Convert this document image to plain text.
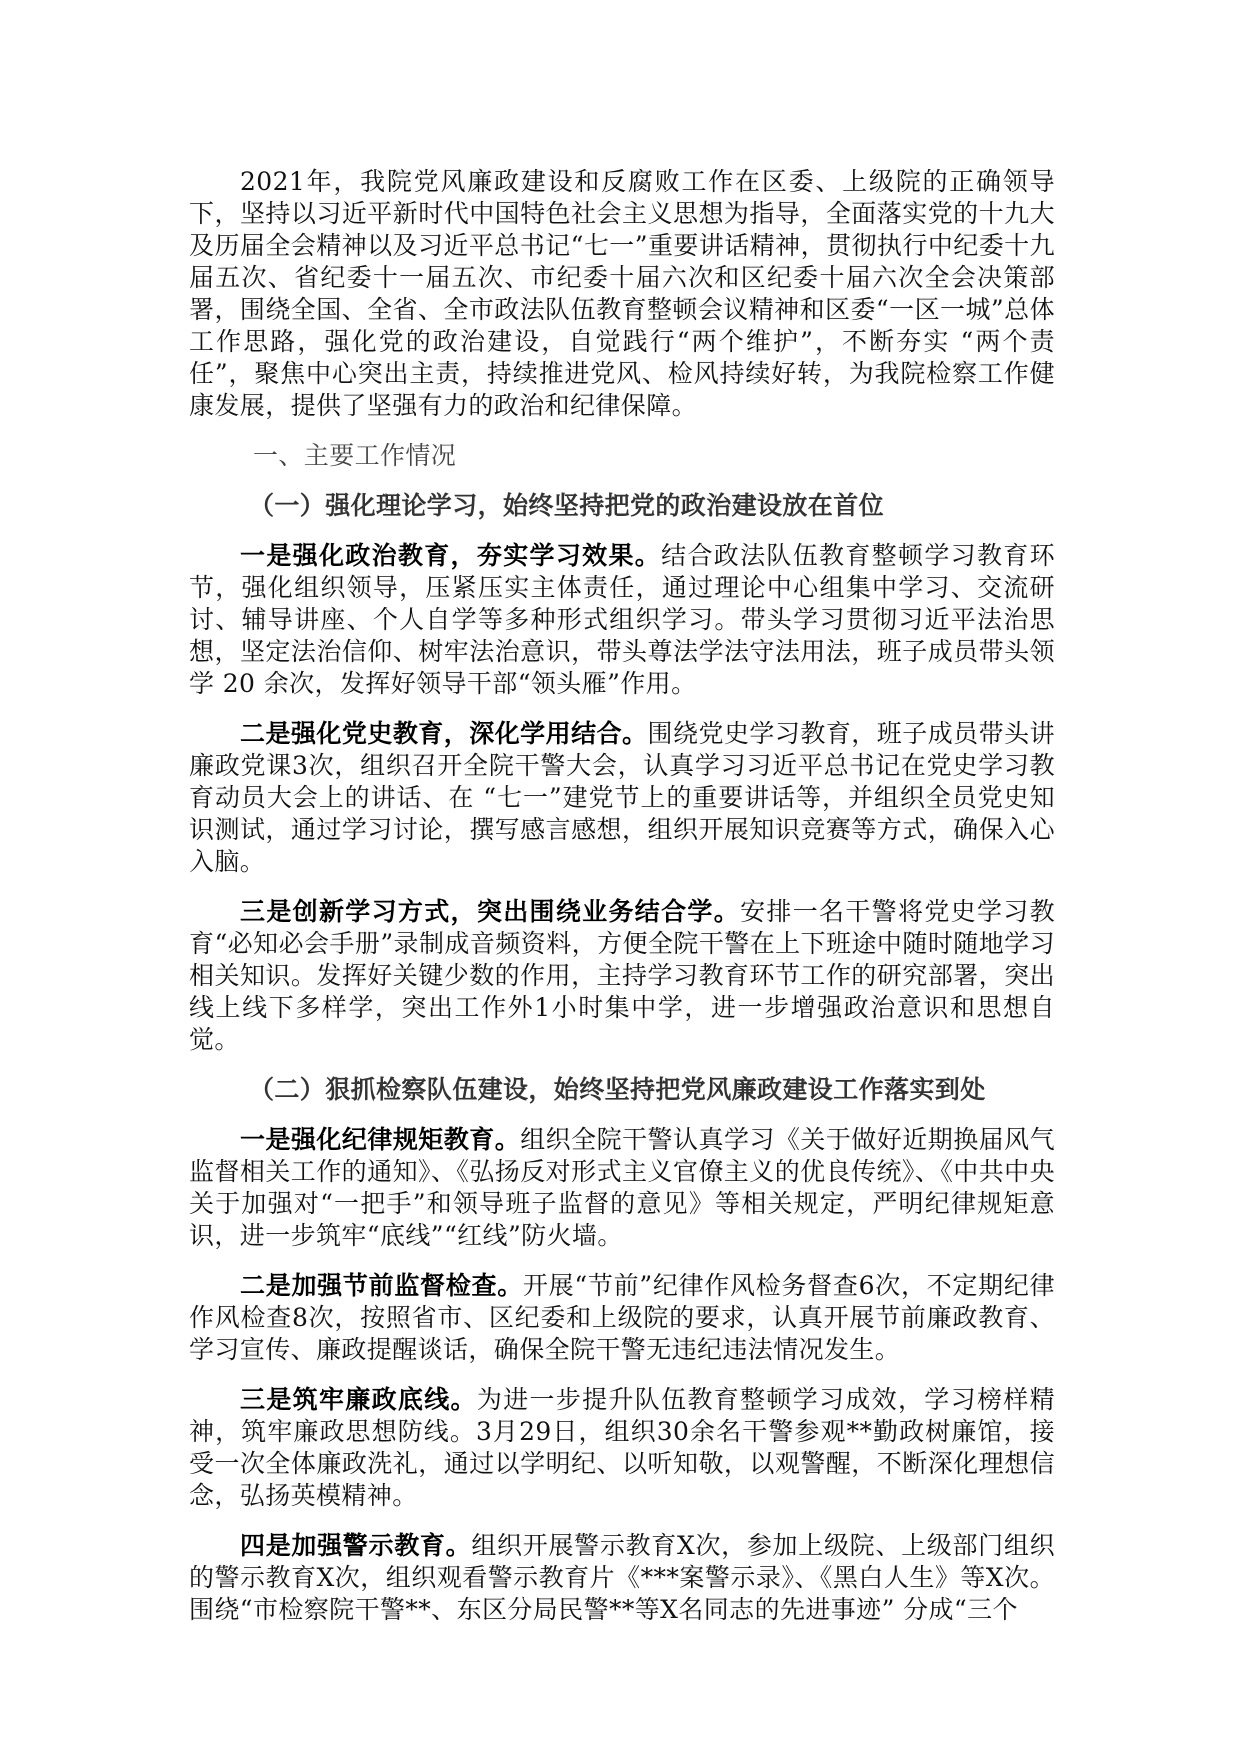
2021年，我院党风廉政建设和反腐败工作在区委、上级院的正确领导下，坚持以习近平新时代中国特色社会主义思想为指导，全面落实党的十九大及历届全会精神以及习近平总书记“七一”重要讲话精神，贯彻执行中纪委十九届五次、省纪委十一届五次、市纪委十届六次和区纪委十届六次全会决策部署，围绕全国、全省、全市政法队伍教育整顿会议精神和区委“一区一城”总体工作思路，强化党的政治建设，自觉践行“两个维护”，不断夯实 “两个责任”，聚焦中心突出主责，持续推进党风、检风持续好转，为我院检察工作健康发展，提供了坚强有力的政治和纪律保障。

一、主要工作情况

（一）强化理论学习，始终坚持把党的政治建设放在首位

一是强化政治教育，夯实学习效果。结合政法队伍教育整顿学习教育环节，强化组织领导，压紧压实主体责任，通过理论中心组集中学习、交流研讨、辅导讲座、个人自学等多种形式组织学习。带头学习贯彻习近平法治思想，坚定法治信仰、树牢法治意识，带头尊法学法守法用法，班子成员带头领学 20 余次，发挥好领导干部“领头雁”作用。

二是强化党史教育，深化学用结合。围绕党史学习教育，班子成员带头讲廉政党课3次，组织召开全院干警大会，认真学习习近平总书记在党史学习教育动员大会上的讲话、在 “七一”建党节上的重要讲话等，并组织全员党史知识测试，通过学习讨论，撰写感言感想，组织开展知识竞赛等方式，确保入心入脑。

三是创新学习方式，突出围绕业务结合学。安排一名干警将党史学习教育“必知必会手册”录制成音频资料，方便全院干警在上下班途中随时随地学习相关知识。发挥好关键少数的作用，主持学习教育环节工作的研究部署，突出线上线下多样学，突出工作外1小时集中学，进一步增强政治意识和思想自觉。

（二）狠抓检察队伍建设，始终坚持把党风廉政建设工作落实到处

一是强化纪律规矩教育。组织全院干警认真学习《关于做好近期换届风气监督相关工作的通知》、《弘扬反对形式主义官僚主义的优良传统》、《中共中央关于加强对“一把手”和领导班子监督的意见》等相关规定，严明纪律规矩意识，进一步筑牢“底线”“红线”防火墙。

二是加强节前监督检查。开展“节前”纪律作风检务督查6次，不定期纪律作风检查8次，按照省市、区纪委和上级院的要求，认真开展节前廉政教育、学习宣传、廉政提醒谈话，确保全院干警无违纪违法情况发生。

三是筑牢廉政底线。为进一步提升队伍教育整顿学习成效，学习榜样精神，筑牢廉政思想防线。3月29日，组织30余名干警参观**勤政树廉馆，接受一次全体廉政洗礼，通过以学明纪、以听知敬，以观警醒，不断深化理想信念，弘扬英模精神。

四是加强警示教育。组织开展警示教育X次，参加上级院、上级部门组织的警示教育X次，组织观看警示教育片《***案警示录》、《黑白人生》等X次。围绕“市检察院干警**、东区分局民警**等X名同志的先进事迹” 分成“三个
